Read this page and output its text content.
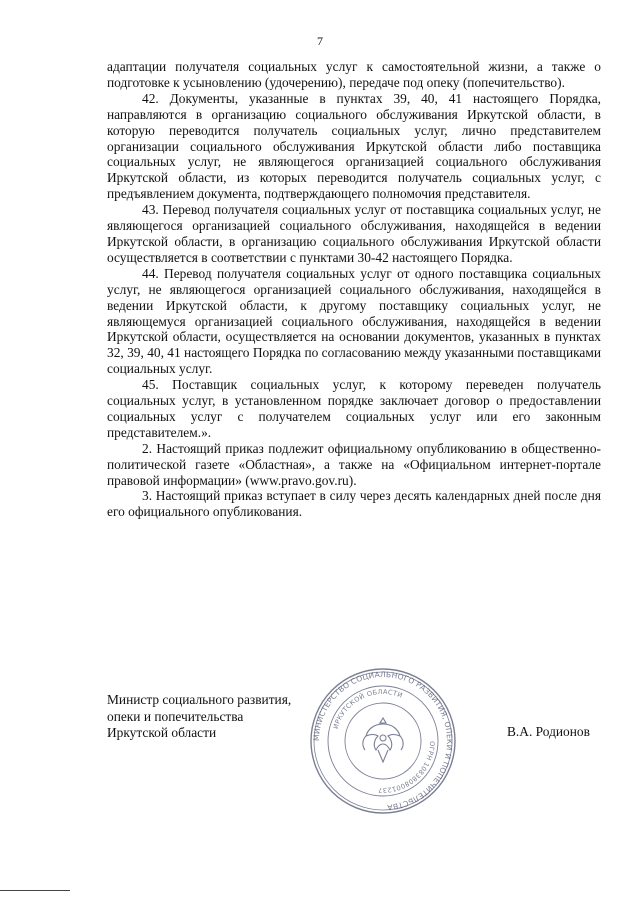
7

адаптации получателя социальных услуг к самостоятельной жизни, а также о подготовке к усыновлению (удочерению), передаче под опеку (попечительство).

42. Документы, указанные в пунктах 39, 40, 41 настоящего Порядка, направляются в организацию социального обслуживания Иркутской области, в которую переводится получатель социальных услуг, лично представителем организации социального обслуживания Иркутской области либо поставщика социальных услуг, не являющегося организацией социального обслуживания Иркутской области, из которых переводится получатель социальных услуг, с предъявлением документа, подтверждающего полномочия представителя.

43. Перевод получателя социальных услуг от поставщика социальных услуг, не являющегося организацией социального обслуживания, находящейся в ведении Иркутской области, в организацию социального обслуживания Иркутской области осуществляется в соответствии с пунктами 30-42 настоящего Порядка.

44. Перевод получателя социальных услуг от одного поставщика социальных услуг, не являющегося организацией социального обслуживания, находящейся в ведении Иркутской области, к другому поставщику социальных услуг, не являющемуся организацией социального обслуживания, находящейся в ведении Иркутской области, осуществляется на основании документов, указанных в пунктах 32, 39, 40, 41 настоящего Порядка по согласованию между указанными поставщиками социальных услуг.

45. Поставщик социальных услуг, к которому переведен получатель социальных услуг, в установленном порядке заключает договор о предоставлении социальных услуг с получателем социальных услуг или его законным представителем.».

2. Настоящий приказ подлежит официальному опубликованию в общественно-политической газете «Областная», а также на «Официальном интернет-портале правовой информации» (www.pravo.gov.ru).

3. Настоящий приказ вступает в силу через десять календарных дней после дня его официального опубликования.

Министр социального развития,
опеки и попечительства
Иркутской области	В.А. Родионов
МИНИСТЕРСТВО СОЦИАЛЬНОГО РАЗВИТИЯ, ОПЕКИ И ПОПЕЧИТЕЛЬСТВА
ИРКУТСКОЙ ОБЛАСТИ
ОГРН 1083808001237
